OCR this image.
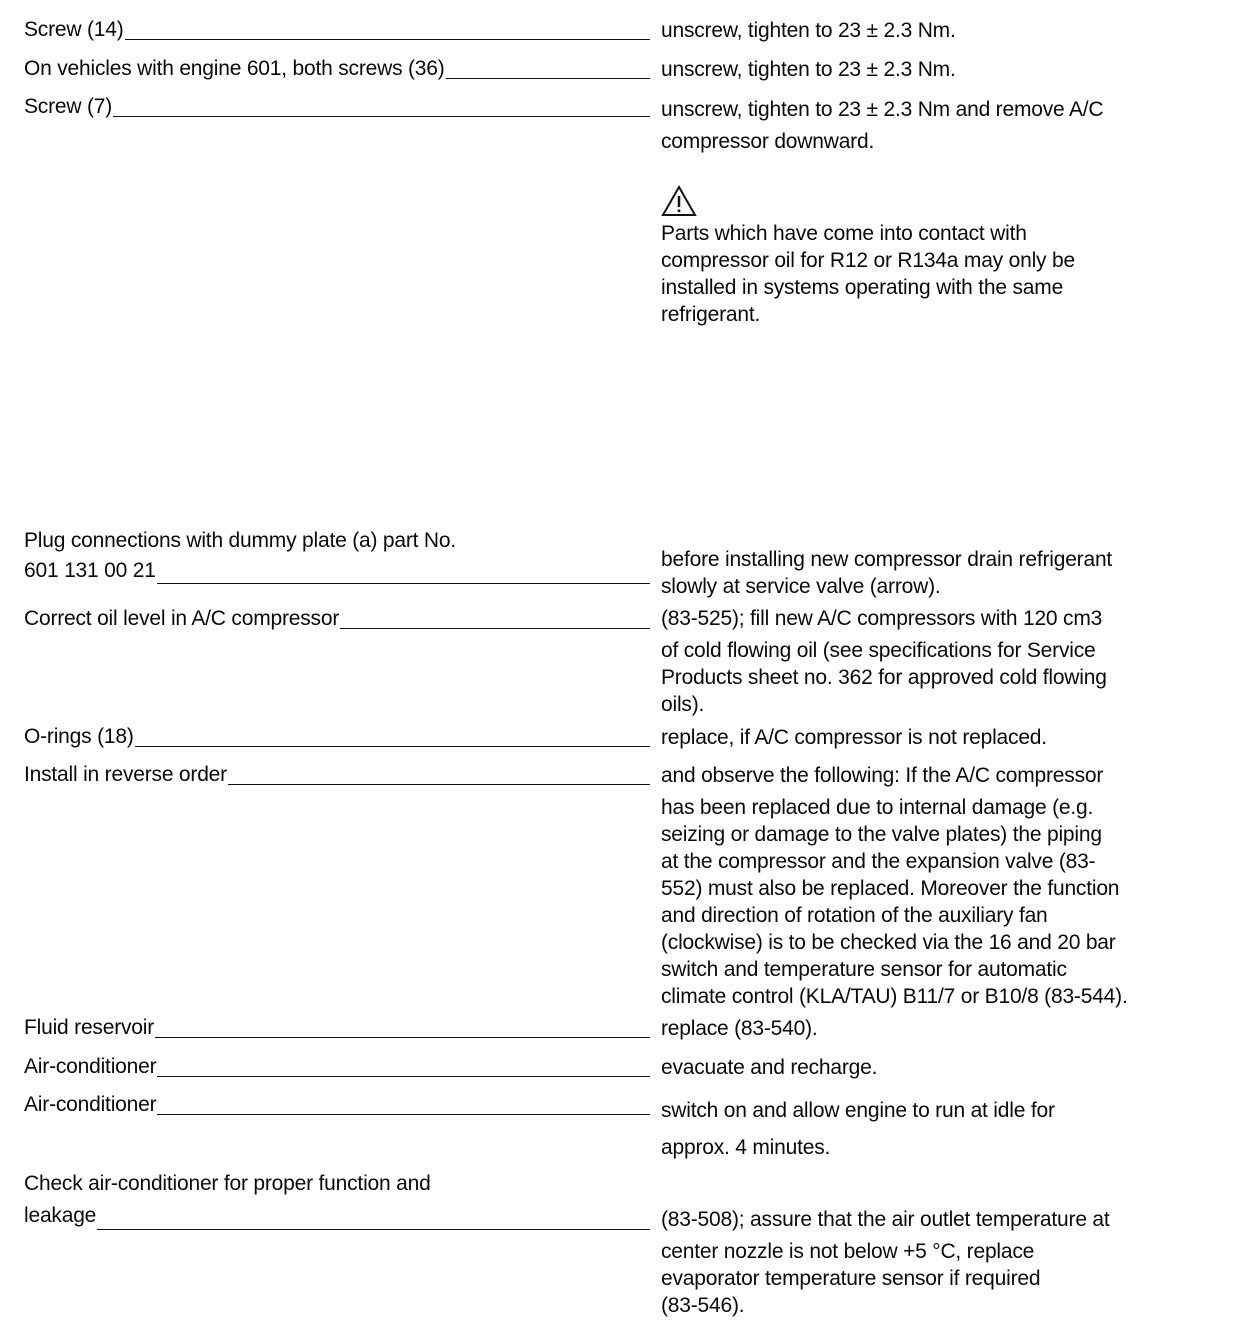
Screw (14)	unscrew, tighten to 23 ± 2.3 Nm.

On vehicles with engine 601, both screws (36)	unscrew, tighten to 23 ± 2.3 Nm.

Screw (7)	unscrew, tighten to 23 ± 2.3 Nm and remove A/C

compressor downward.

Parts which have come into contact with

compressor oil for R12 or R134a may only be

installed in systems operating with the same

refrigerant.

Plug connections with dummy plate (a) part No.
601 131 00 21	before installing new compressor drain refrigerant

slowly at service valve (arrow).

Correct oil level in A/C compressor	(83-525); fill new A/C compressors with 120 cm3

of cold flowing oil (see specifications for Service

Products sheet no. 362 for approved cold flowing

oils).

O-rings (18)	replace, if A/C compressor is not replaced.

Install in reverse order	and observe the following: If the A/C compressor

has been replaced due to internal damage (e.g.

seizing or damage to the valve plates) the piping

at the compressor and the expansion valve (83-

552) must also be replaced. Moreover the function

and direction of rotation of the auxiliary fan

(clockwise) is to be checked via the 16 and 20 bar

switch and temperature sensor for automatic

climate control (KLA/TAU) B11/7 or B10/8 (83-544).

Fluid reservoir	replace (83-540).

Air-conditioner	evacuate and recharge.

Air-conditioner	switch on and allow engine to run at idle for

approx. 4 minutes.

Check air-conditioner for proper function and
leakage	(83-508); assure that the air outlet temperature at

center nozzle is not below +5 °C, replace

evaporator temperature sensor if required

(83-546).
